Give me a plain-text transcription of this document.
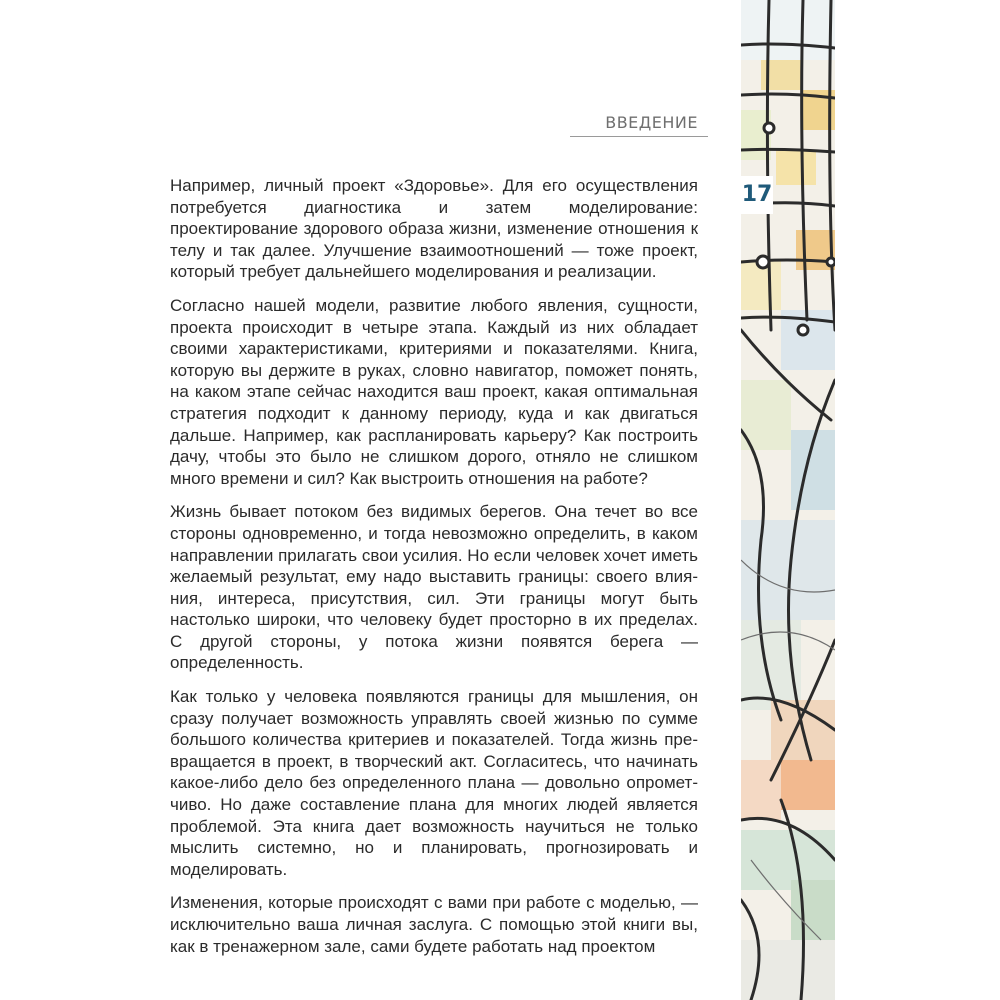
ВВЕДЕНИЕ

Например, личный проект «Здоровье». Для его осуществления потребуется диагностика и затем моделирование: проектирование здорового образа жизни, изменение отношения к телу и так далее. Улучшение взаимоотношений — тоже проект, который требует дальнейшего моделирования и реализации.

Согласно нашей модели, развитие любого явления, сущности, проекта происходит в четыре этапа. Каждый из них обладает своими характеристиками, критериями и показателями. Книга, которую вы держите в руках, словно навигатор, поможет понять, на каком этапе сейчас находится ваш проект, какая оптимальная стратегия подходит к данному периоду, куда и как двигаться дальше. Например, как распланировать карьеру? Как построить дачу, чтобы это было не слишком дорого, отняло не слишком много времени и сил? Как выстроить отношения на работе?

Жизнь бывает потоком без видимых берегов. Она течет во все стороны одновременно, и тогда невозможно определить, в каком направлении прилагать свои усилия. Но если человек хочет иметь желаемый результат, ему надо выставить границы: своего влияния, интереса, присутствия, сил. Эти границы могут быть настолько широки, что человеку будет просторно в их пределах. С другой стороны, у потока жизни появятся берега — определенность.

Как только у человека появляются границы для мышления, он сразу получает возможность управлять своей жизнью по сумме большого количества критериев и показателей. Тогда жизнь превращается в проект, в творческий акт. Согласитесь, что начинать какое-либо дело без определенного плана — довольно опрометчиво. Но даже составление плана для многих людей является проблемой. Эта книга дает возможность научиться не только мыслить системно, но и планировать, прогнозировать и моделировать.

Изменения, которые происходят с вами при работе с моделью, — исключительно ваша личная заслуга. С помощью этой книги вы, как в тренажерном зале, сами будете работать над проектом

17
